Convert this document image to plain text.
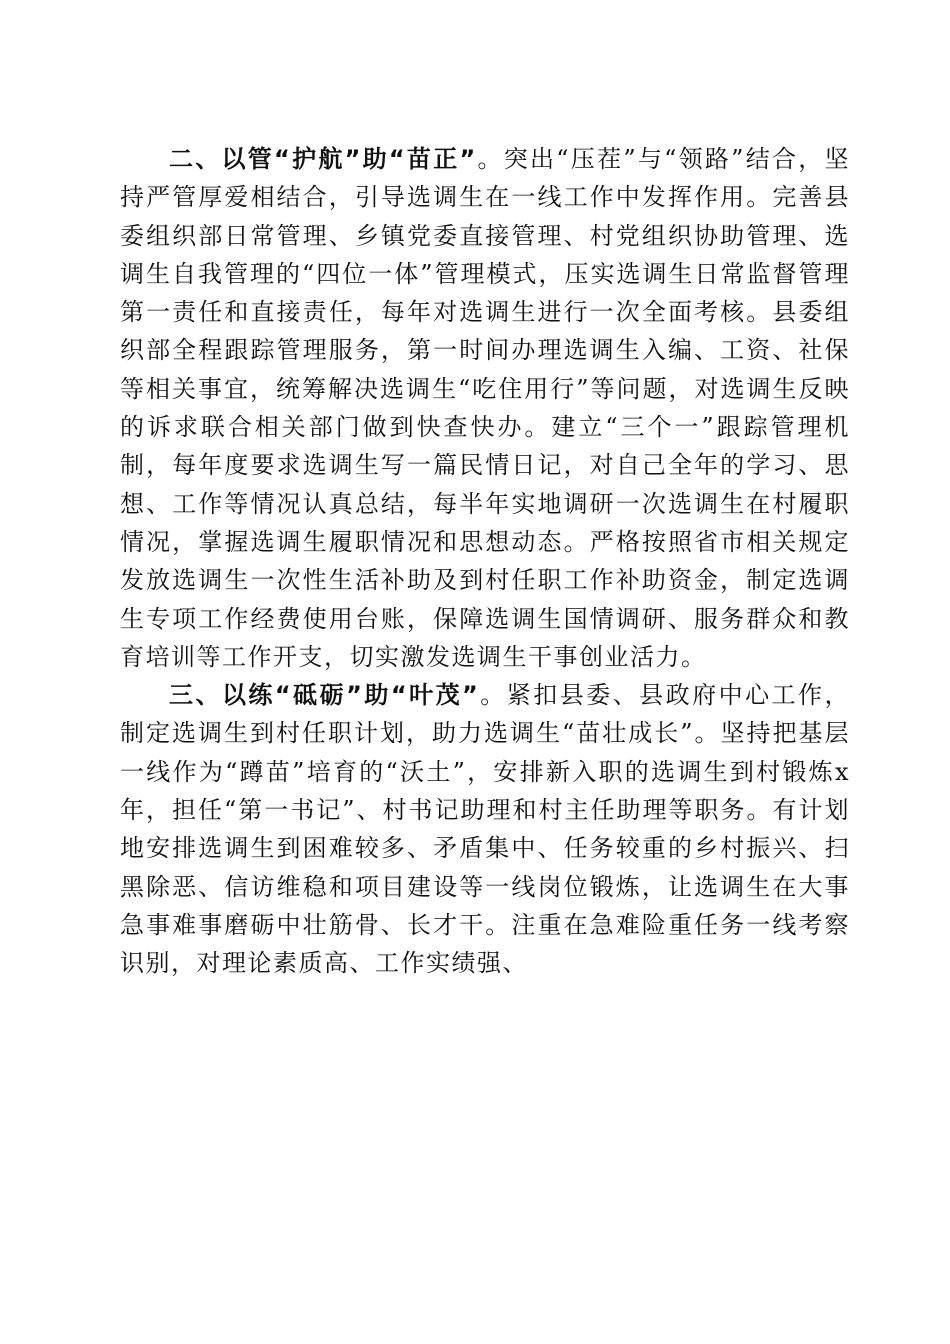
二、以管“护航”助“苗正”。突出“压茬”与“领路”结合，坚持严管厚爱相结合，引导选调生在一线工作中发挥作用。完善县委组织部日常管理、乡镇党委直接管理、村党组织协助管理、选调生自我管理的“四位一体”管理模式，压实选调生日常监督管理第一责任和直接责任，每年对选调生进行一次全面考核。县委组织部全程跟踪管理服务，第一时间办理选调生入编、工资、社保等相关事宜，统筹解决选调生“吃住用行”等问题，对选调生反映的诉求联合相关部门做到快查快办。建立“三个一”跟踪管理机制，每年度要求选调生写一篇民情日记，对自己全年的学习、思想、工作等情况认真总结，每半年实地调研一次选调生在村履职情况，掌握选调生履职情况和思想动态。严格按照省市相关规定发放选调生一次性生活补助及到村任职工作补助资金，制定选调生专项工作经费使用台账，保障选调生国情调研、服务群众和教育培训等工作开支，切实激发选调生干事创业活力。

三、以练“砥砺”助“叶茂”。紧扣县委、县政府中心工作，制定选调生到村任职计划，助力选调生“苗壮成长”。坚持把基层一线作为“蹲苗”培育的“沃土”，安排新入职的选调生到村锻炼x年，担任“第一书记”、村书记助理和村主任助理等职务。有计划地安排选调生到困难较多、矛盾集中、任务较重的乡村振兴、扫黑除恶、信访维稳和项目建设等一线岗位锻炼，让选调生在大事急事难事磨砺中壮筋骨、长才干。注重在急难险重任务一线考察识别，对理论素质高、工作实绩强、
